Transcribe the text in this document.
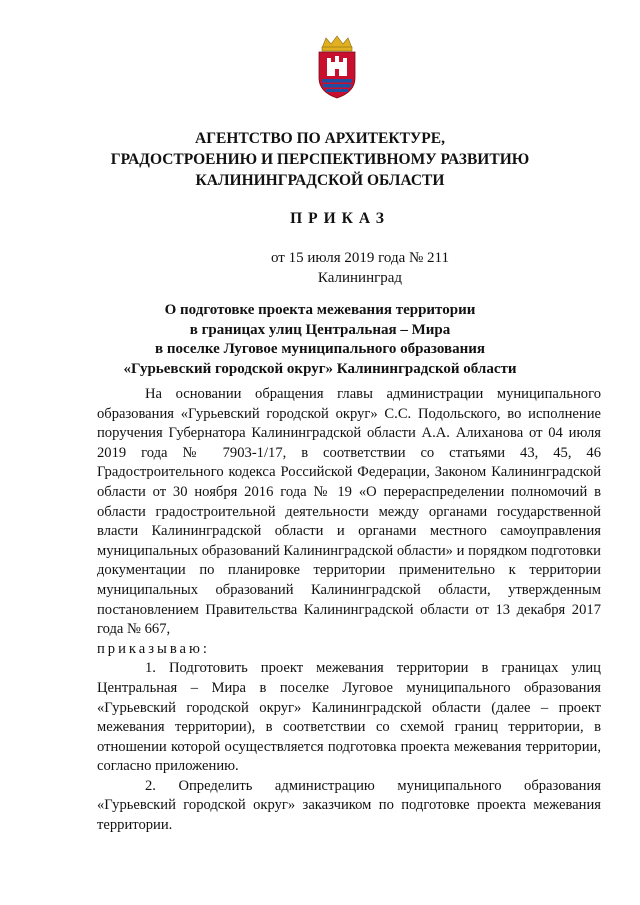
АГЕНТСТВО ПО АРХИТЕКТУРЕ,
ГРАДОСТРОЕНИЮ И ПЕРСПЕКТИВНОМУ РАЗВИТИЮ
КАЛИНИНГРАДСКОЙ ОБЛАСТИ
ПРИКАЗ
от 15 июля 2019 года № 211
Калининград
О подготовке проекта межевания территории
в границах улиц Центральная – Мира
в поселке Луговое муниципального образования
«Гурьевский городской округ» Калининградской области

На основании обращения главы администрации муниципального образования «Гурьевский городской округ» С.С. Подольского, во исполнение поручения Губернатора Калининградской области А.А. Алиханова от 04 июля 2019 года № 7903-1/17, в соответствии со статьями 43, 45, 46 Градостроительного кодекса Российской Федерации, Законом Калининградской области от 30 ноября 2016 года № 19 «О перераспределении полномочий в области градостроительной деятельности между органами государственной власти Калининградской области и органами местного самоуправления муниципальных образований Калининградской области» и порядком подготовки документации по планировке территории применительно к территории муниципальных образований Калининградской области, утвержденным постановлением Правительства Калининградской области от 13 декабря 2017 года № 667,

приказываю:

1. Подготовить проект межевания территории в границах улиц Центральная – Мира в поселке Луговое муниципального образования «Гурьевский городской округ» Калининградской области (далее – проект межевания территории), в соответствии со схемой границ территории, в отношении которой осуществляется подготовка проекта межевания территории, согласно приложению.

2. Определить администрацию муниципального образования «Гурьевский городской округ» заказчиком по подготовке проекта межевания территории.
